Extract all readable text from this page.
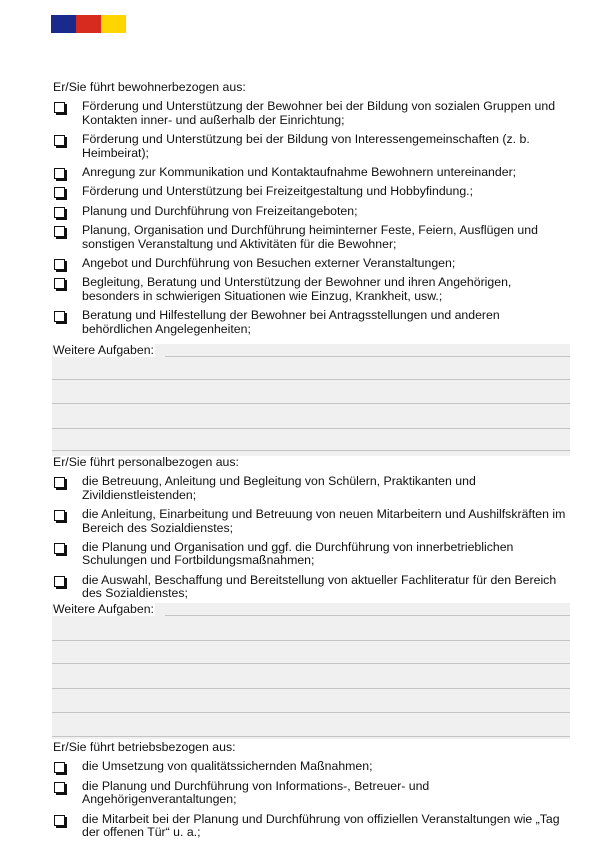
Er/Sie führt bewohnerbezogen aus:
Förderung und Unterstützung der Bewohner bei der Bildung von sozialen Gruppen und Kontakten inner- und außerhalb der Einrichtung;
Förderung und Unterstützung bei der Bildung von Interessengemeinschaften (z. b. Heimbeirat);
Anregung zur Kommunikation und Kontaktaufnahme Bewohnern untereinander;
Förderung und Unterstützung bei Freizeitgestaltung und Hobbyfindung.;
Planung und Durchführung von Freizeitangeboten;
Planung, Organisation und Durchführung heiminterner Feste, Feiern, Ausflügen und sonstigen Veranstaltung und Aktivitäten für die Bewohner;
Angebot und Durchführung von Besuchen externer Veranstaltungen;
Begleitung, Beratung und Unterstützung der Bewohner und ihren Angehörigen, besonders in schwierigen Situationen wie Einzug, Krankheit, usw.;
Beratung und Hilfestellung der Bewohner bei Antragsstellungen und anderen behördlichen Angelegenheiten;
Weitere Aufgaben:
Er/Sie führt personalbezogen aus:
die Betreuung, Anleitung und Begleitung von Schülern, Praktikanten und Zivildienstleistenden;
die Anleitung, Einarbeitung und Betreuung von neuen Mitarbeitern und Aushilfskräften im Bereich des Sozialdienstes;
die Planung und Organisation und ggf. die Durchführung von innerbetrieblichen Schulungen und Fortbildungsmaßnahmen;
die Auswahl, Beschaffung und Bereitstellung von aktueller Fachliteratur für den Bereich des Sozialdienstes;
Weitere Aufgaben:
Er/Sie führt betriebsbezogen aus:
die Umsetzung von qualitätssichernden Maßnahmen;
die Planung und Durchführung von Informations-, Betreuer- und Angehörigenverantaltungen;
die Mitarbeit bei der Planung und Durchführung von offiziellen Veranstaltungen wie „Tag der offenen Tür“ u. a.;
